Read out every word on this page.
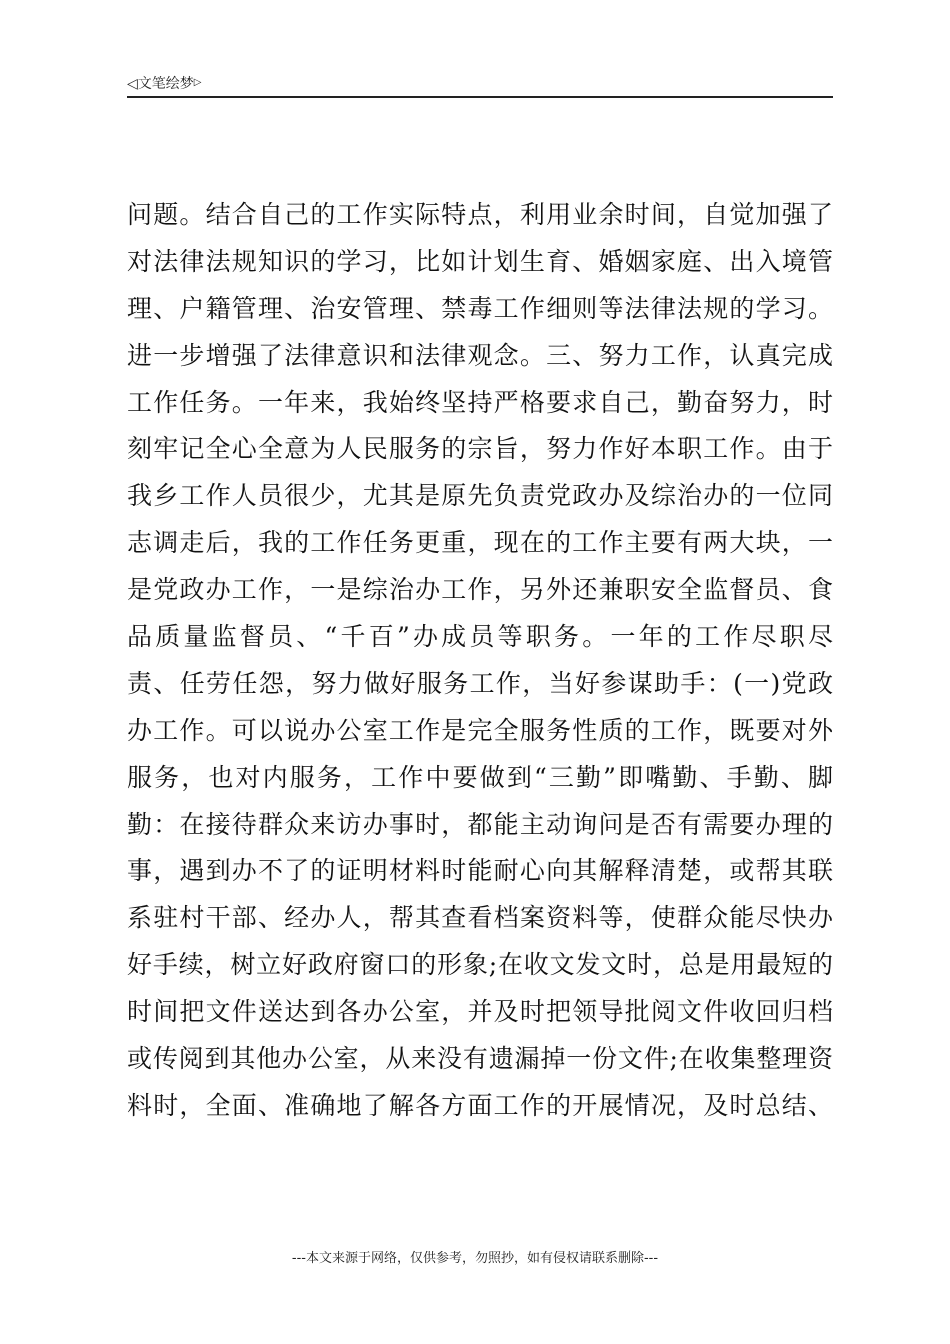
◁文笔绘梦▷
问题。结合自己的工作实际特点，利用业余时间，自觉加强了
对法律法规知识的学习，比如计划生育、婚姻家庭、出入境管
理、户籍管理、治安管理、禁毒工作细则等法律法规的学习。
进一步增强了法律意识和法律观念。三、努力工作，认真完成
工作任务。一年来，我始终坚持严格要求自己，勤奋努力，时
刻牢记全心全意为人民服务的宗旨，努力作好本职工作。由于
我乡工作人员很少，尤其是原先负责党政办及综治办的一位同
志调走后，我的工作任务更重，现在的工作主要有两大块，一
是党政办工作，一是综治办工作，另外还兼职安全监督员、食
品质量监督员、“千百”办成员等职务。一年的工作尽职尽
责、任劳任怨，努力做好服务工作，当好参谋助手：(一)党政
办工作。可以说办公室工作是完全服务性质的工作，既要对外
服务，也对内服务，工作中要做到“三勤”即嘴勤、手勤、脚
勤：在接待群众来访办事时，都能主动询问是否有需要办理的
事，遇到办不了的证明材料时能耐心向其解释清楚，或帮其联
系驻村干部、经办人，帮其查看档案资料等，使群众能尽快办
好手续，树立好政府窗口的形象;在收文发文时，总是用最短的
时间把文件送达到各办公室，并及时把领导批阅文件收回归档
或传阅到其他办公室，从来没有遗漏掉一份文件;在收集整理资
料时，全面、准确地了解各方面工作的开展情况，及时总结、
---本文来源于网络，仅供参考，勿照抄，如有侵权请联系删除---
